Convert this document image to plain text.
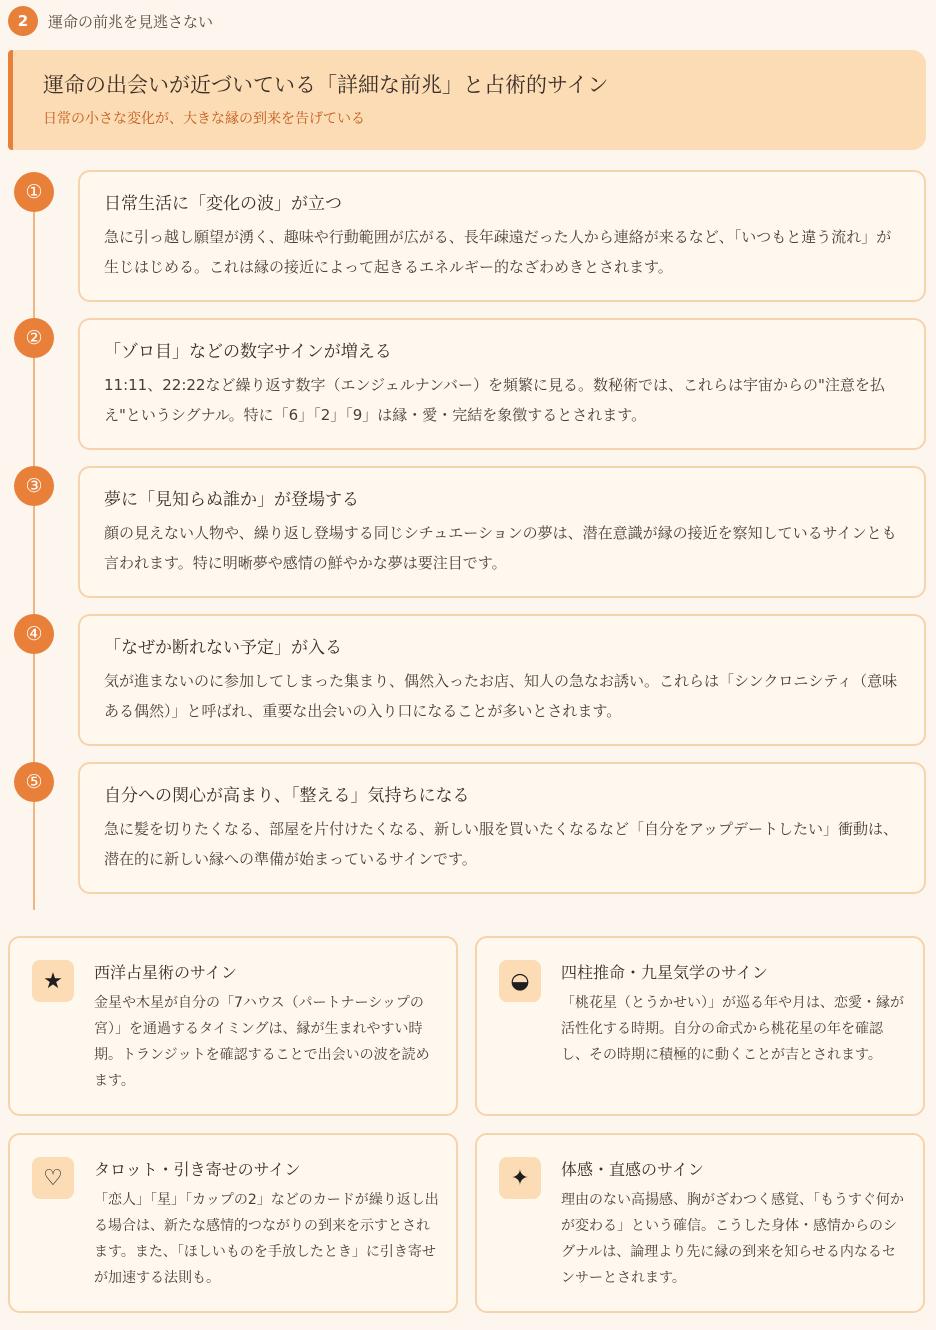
2	運命の前兆を見逃さない
運命の出会いが近づいている「詳細な前兆」と占術的サイン
日常の小さな変化が、大きな縁の到来を告げている
①
日常生活に「変化の波」が立つ
急に引っ越し願望が湧く、趣味や行動範囲が広がる、長年疎遠だった人から連絡が来るなど、「いつもと違う流れ」が生じはじめる。これは縁の接近によって起きるエネルギー的なざわめきとされます。
②
「ゾロ目」などの数字サインが増える
11:11、22:22など繰り返す数字（エンジェルナンバー）を頻繁に見る。数秘術では、これらは宇宙からの"注意を払え"というシグナル。特に「6」「2」「9」は縁・愛・完結を象徴するとされます。
③
夢に「見知らぬ誰か」が登場する
顔の見えない人物や、繰り返し登場する同じシチュエーションの夢は、潜在意識が縁の接近を察知しているサインとも言われます。特に明晰夢や感情の鮮やかな夢は要注目です。
④
「なぜか断れない予定」が入る
気が進まないのに参加してしまった集まり、偶然入ったお店、知人の急なお誘い。これらは「シンクロニシティ（意味ある偶然）」と呼ばれ、重要な出会いの入り口になることが多いとされます。
⑤
自分への関心が高まり、「整える」気持ちになる
急に髪を切りたくなる、部屋を片付けたくなる、新しい服を買いたくなるなど「自分をアップデートしたい」衝動は、潜在的に新しい縁への準備が始まっているサインです。
★	西洋占星術のサイン
金星や木星が自分の「7ハウス（パートナーシップの宮）」を通過するタイミングは、縁が生まれやすい時期。トランジットを確認することで出会いの波を読めます。
◒	四柱推命・九星気学のサイン
「桃花星（とうかせい）」が巡る年や月は、恋愛・縁が活性化する時期。自分の命式から桃花星の年を確認し、その時期に積極的に動くことが吉とされます。
♡	タロット・引き寄せのサイン
「恋人」「星」「カップの2」などのカードが繰り返し出る場合は、新たな感情的つながりの到来を示すとされます。また、「ほしいものを手放したとき」に引き寄せが加速する法則も。
✦	体感・直感のサイン
理由のない高揚感、胸がざわつく感覚、「もうすぐ何かが変わる」という確信。こうした身体・感情からのシグナルは、論理より先に縁の到来を知らせる内なるセンサーとされます。
